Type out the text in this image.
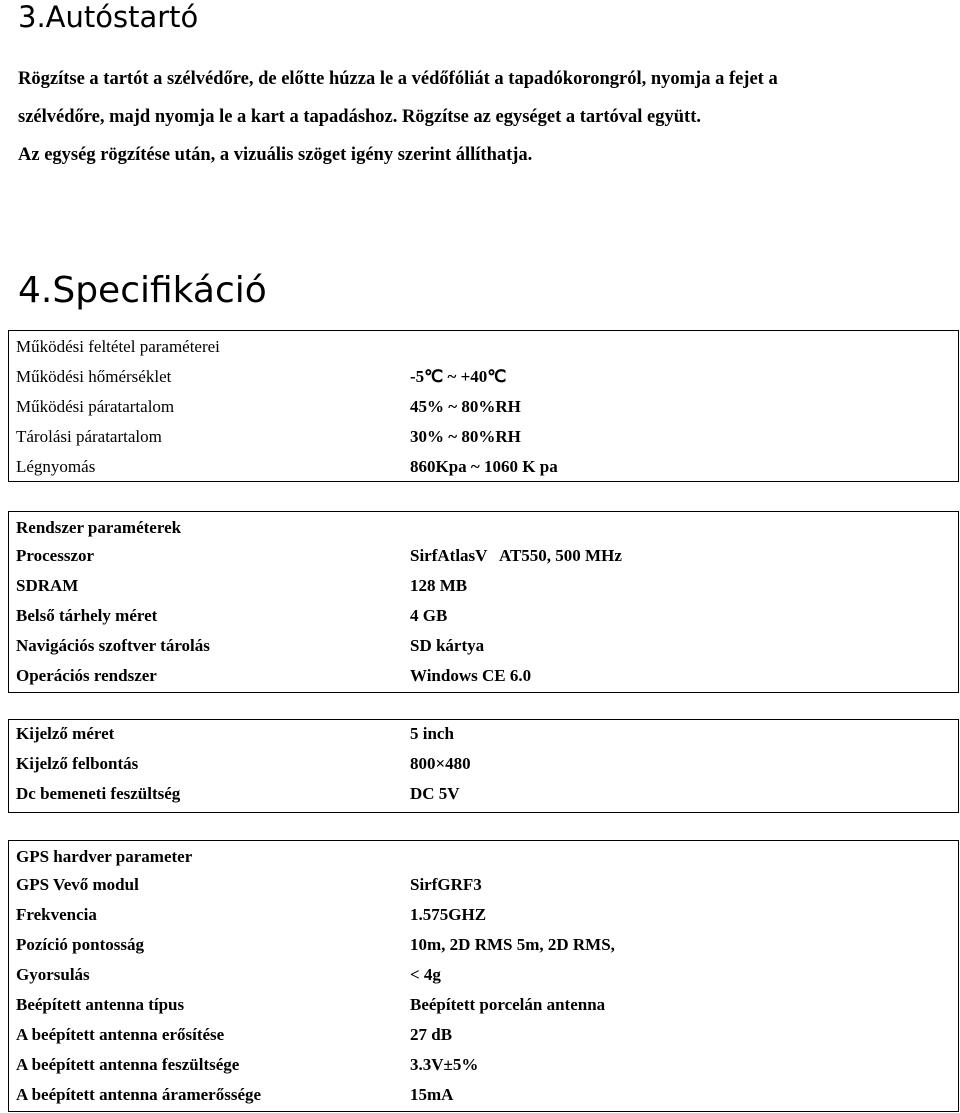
3.Autóstartó
Rögzítse a tartót a szélvédőre, de előtte húzza le a védőfóliát a tapadókorongról, nyomja a fejet a
szélvédőre, majd nyomja le a kart a tapadáshoz. Rögzítse az egységet a tartóval együtt.
Az egység rögzítése után, a vizuális szöget igény szerint állíthatja.
4.Specifikáció
Működési feltétel paraméterei
Működési hőmérséklet	-5℃ ~ +40℃
Működési páratartalom	45% ~ 80%RH
Tárolási páratartalom	30% ~ 80%RH
Légnyomás	860Kpa ~ 1060 K pa
Rendszer paraméterek
Processzor	SirfAtlasV   AT550, 500 MHz
SDRAM	128 MB
Belső tárhely méret	4 GB
Navigációs szoftver tárolás	SD kártya
Operációs rendszer	Windows CE 6.0
Kijelző méret	5 inch
Kijelző felbontás	800×480
Dc bemeneti feszültség	DC 5V
GPS hardver parameter
GPS Vevő modul	SirfGRF3
Frekvencia	1.575GHZ
Pozíció pontosság	10m, 2D RMS 5m, 2D RMS,
Gyorsulás	< 4g
Beépített antenna típus	Beépített porcelán antenna
A beépített antenna erősítése	27 dB
A beépített antenna feszültsége	3.3V±5%
A beépített antenna áramerőssége	15mA
